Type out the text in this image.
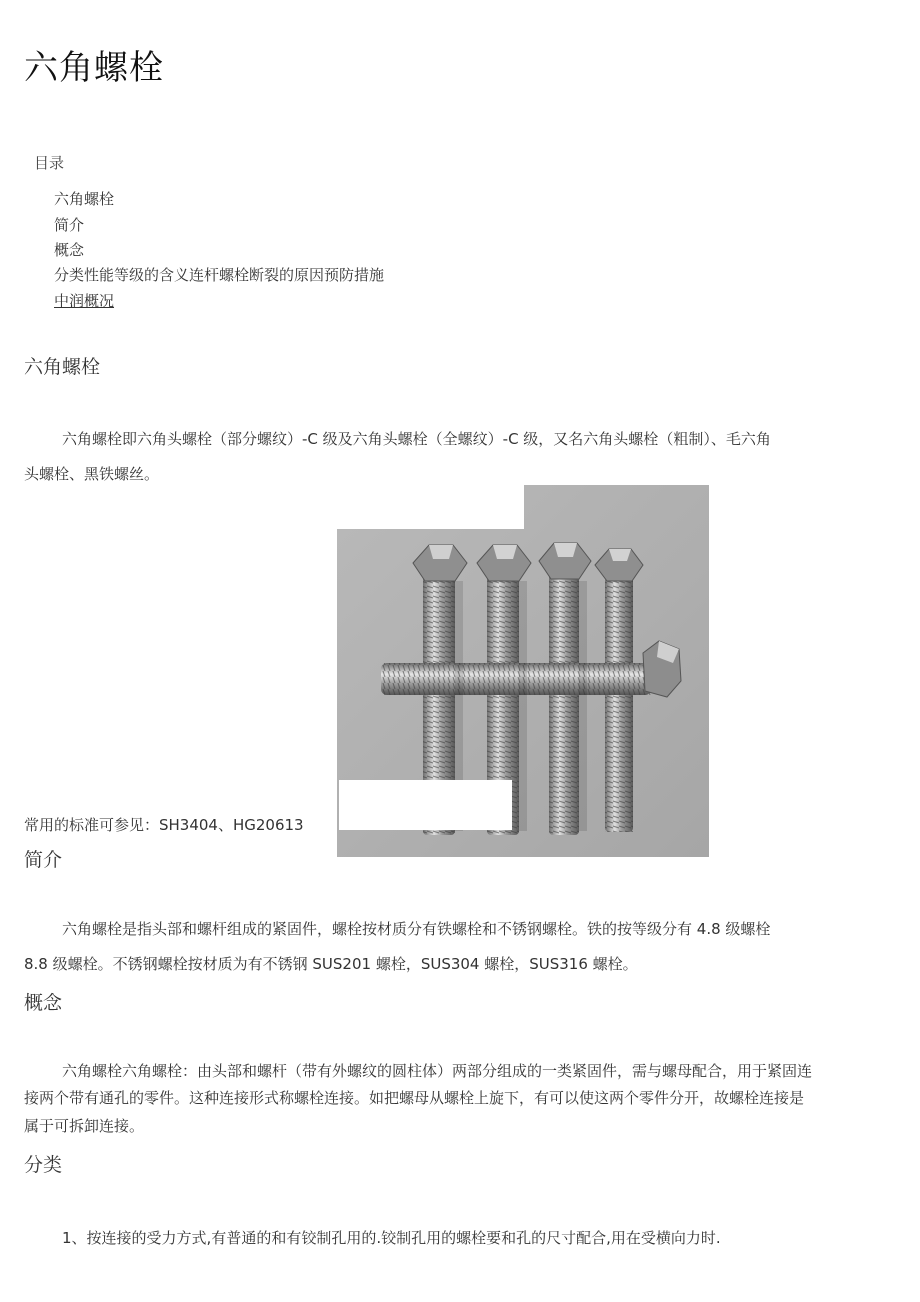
六角螺栓
目录
六角螺栓
简介
概念
分类性能等级的含义连杆螺栓断裂的原因预防措施
中润概况
六角螺栓
六角螺栓即六角头螺栓（部分螺纹）-C 级及六角头螺栓（全螺纹）-C 级，又名六角头螺栓（粗制）、毛六角
头螺栓、黑铁螺丝。
常用的标准可参见：SH3404、HG20613
简介
六角螺栓是指头部和螺杆组成的紧固件，螺栓按材质分有铁螺栓和不锈钢螺栓。铁的按等级分有 4.8 级螺栓
8.8 级螺栓。不锈钢螺栓按材质为有不锈钢 SUS201 螺栓，SUS304 螺栓，SUS316 螺栓。
概念
六角螺栓六角螺栓：由头部和螺杆（带有外螺纹的圆柱体）两部分组成的一类紧固件，需与螺母配合，用于紧固连
接两个带有通孔的零件。这种连接形式称螺栓连接。如把螺母从螺栓上旋下，有可以使这两个零件分开，故螺栓连接是
属于可拆卸连接。
分类
1、按连接的受力方式,有普通的和有铰制孔用的.铰制孔用的螺栓要和孔的尺寸配合,用在受横向力时.
